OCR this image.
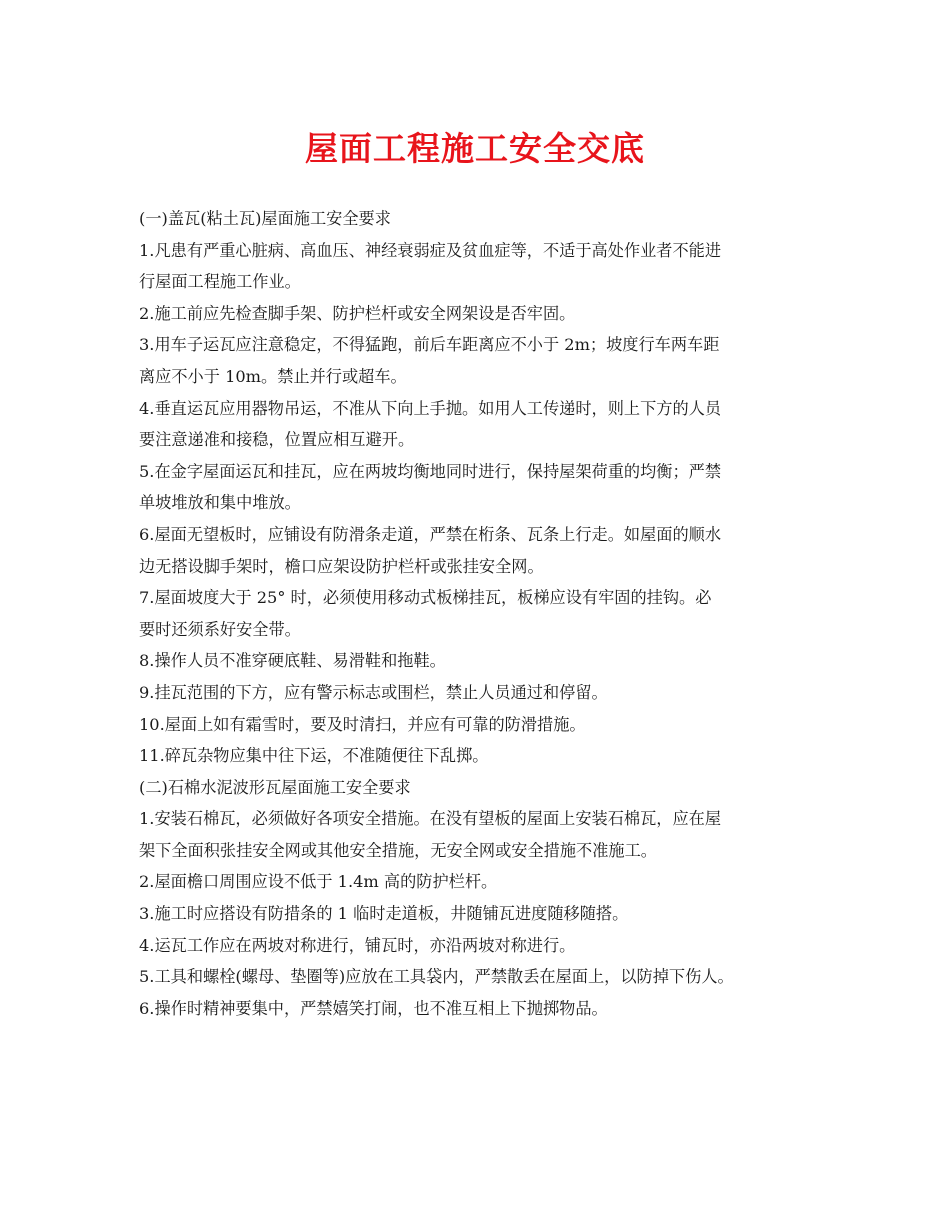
屋面工程施工安全交底

(一)盖瓦(粘土瓦)屋面施工安全要求

1.凡患有严重心脏病、高血压、神经衰弱症及贫血症等，不适于高处作业者不能进

行屋面工程施工作业。

2.施工前应先检查脚手架、防护栏杆或安全网架设是否牢固。

3.用车子运瓦应注意稳定，不得猛跑，前后车距离应不小于 2m；坡度行车两车距

离应不小于 10m。禁止并行或超车。

4.垂直运瓦应用器物吊运，不准从下向上手抛。如用人工传递时，则上下方的人员

要注意递准和接稳，位置应相互避开。

5.在金字屋面运瓦和挂瓦，应在两坡均衡地同时进行，保持屋架荷重的均衡；严禁

单坡堆放和集中堆放。

6.屋面无望板时，应铺设有防滑条走道，严禁在桁条、瓦条上行走。如屋面的顺水

边无搭设脚手架时，檐口应架设防护栏杆或张挂安全网。

7.屋面坡度大于 25° 时，必须使用移动式板梯挂瓦，板梯应设有牢固的挂钩。必

要时还须系好安全带。

8.操作人员不准穿硬底鞋、易滑鞋和拖鞋。

9.挂瓦范围的下方，应有警示标志或围栏，禁止人员通过和停留。

10.屋面上如有霜雪时，要及时清扫，并应有可靠的防滑措施。

11.碎瓦杂物应集中往下运，不准随便往下乱掷。

(二)石棉水泥波形瓦屋面施工安全要求

1.安装石棉瓦，必须做好各项安全措施。在没有望板的屋面上安装石棉瓦，应在屋

架下全面积张挂安全网或其他安全措施，无安全网或安全措施不准施工。

2.屋面檐口周围应设不低于 1.4m 高的防护栏杆。

3.施工时应搭设有防措条的 1 临时走道板，井随铺瓦进度随移随搭。

4.运瓦工作应在两坡对称进行，铺瓦时，亦沿两坡对称进行。

5.工具和螺栓(螺母、垫圈等)应放在工具袋内，严禁散丢在屋面上，以防掉下伤人。

6.操作时精神要集中，严禁嬉笑打闹，也不准互相上下抛掷物品。
